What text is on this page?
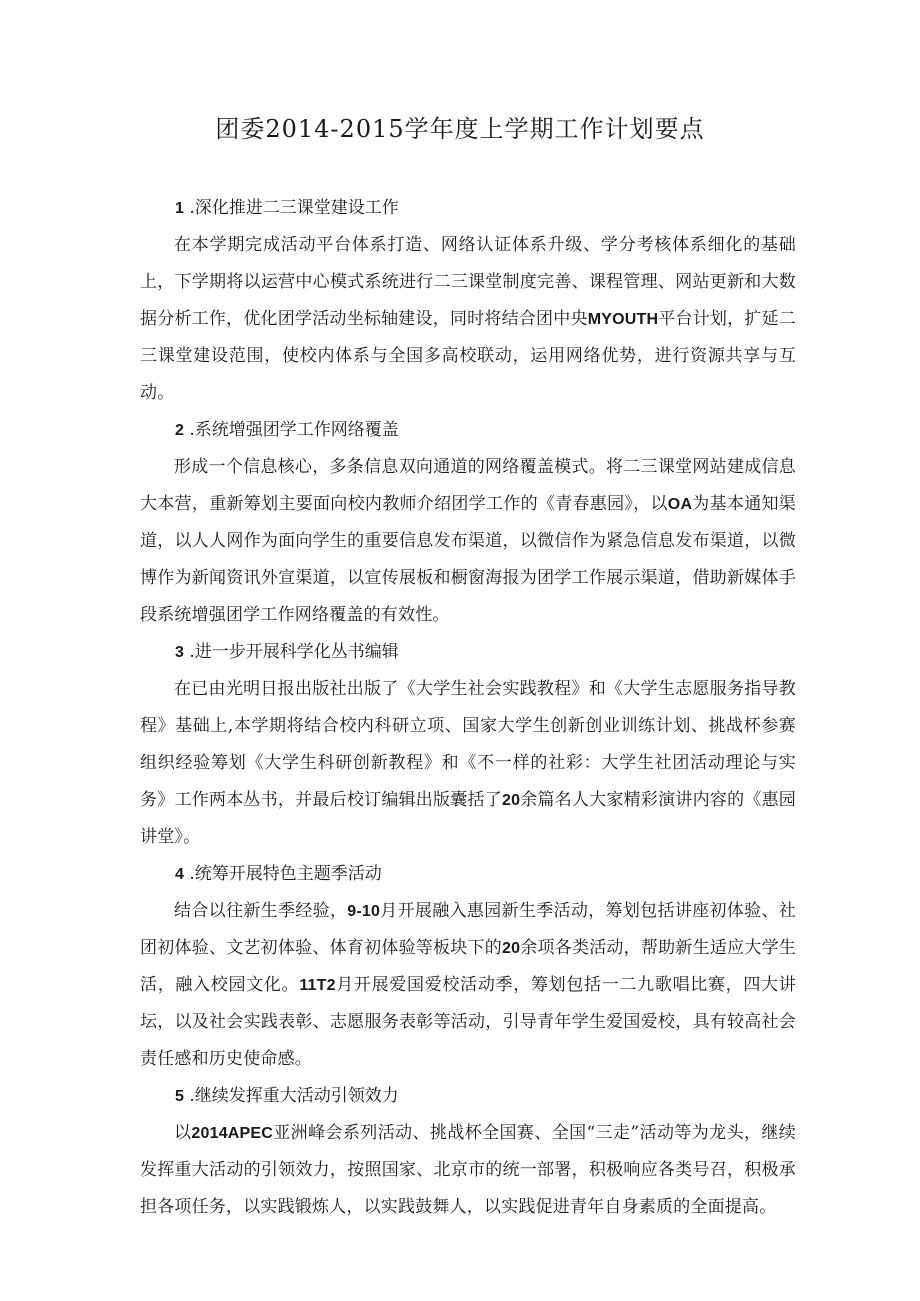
团委2014-2015学年度上学期工作计划要点
1 .深化推进二三课堂建设工作

在本学期完成活动平台体系打造、网络认证体系升级、学分考核体系细化的基础上，下学期将以运营中心模式系统进行二三课堂制度完善、课程管理、网站更新和大数据分析工作，优化团学活动坐标轴建设，同时将结合团中央MYOUTH平台计划，扩延二三课堂建设范围，使校内体系与全国多高校联动，运用网络优势，进行资源共享与互动。

2 .系统增强团学工作网络覆盖

形成一个信息核心，多条信息双向通道的网络覆盖模式。将二三课堂网站建成信息大本营，重新筹划主要面向校内教师介绍团学工作的《青春惠园》，以OA为基本通知渠道，以人人网作为面向学生的重要信息发布渠道，以微信作为紧急信息发布渠道，以微博作为新闻资讯外宣渠道，以宣传展板和橱窗海报为团学工作展示渠道，借助新媒体手段系统增强团学工作网络覆盖的有效性。

3 .进一步开展科学化丛书编辑

在已由光明日报出版社出版了《大学生社会实践教程》和《大学生志愿服务指导教程》基础上,本学期将结合校内科研立项、国家大学生创新创业训练计划、挑战杯参赛组织经验筹划《大学生科研创新教程》和《不一样的社彩：大学生社团活动理论与实务》工作两本丛书，并最后校订编辑出版囊括了20余篇名人大家精彩演讲内容的《惠园讲堂》。

4 .统筹开展特色主题季活动

结合以往新生季经验，9-10月开展融入惠园新生季活动，筹划包括讲座初体验、社团初体验、文艺初体验、体育初体验等板块下的20余项各类活动，帮助新生适应大学生活，融入校园文化。11T2月开展爱国爱校活动季，筹划包括一二九歌唱比赛，四大讲坛，以及社会实践表彰、志愿服务表彰等活动，引导青年学生爱国爱校，具有较高社会责任感和历史使命感。

5 .继续发挥重大活动引领效力

以2014APEC亚洲峰会系列活动、挑战杯全国赛、全国“三走”活动等为龙头，继续发挥重大活动的引领效力，按照国家、北京市的统一部署，积极响应各类号召，积极承担各项任务，以实践锻炼人，以实践鼓舞人，以实践促进青年自身素质的全面提高。
